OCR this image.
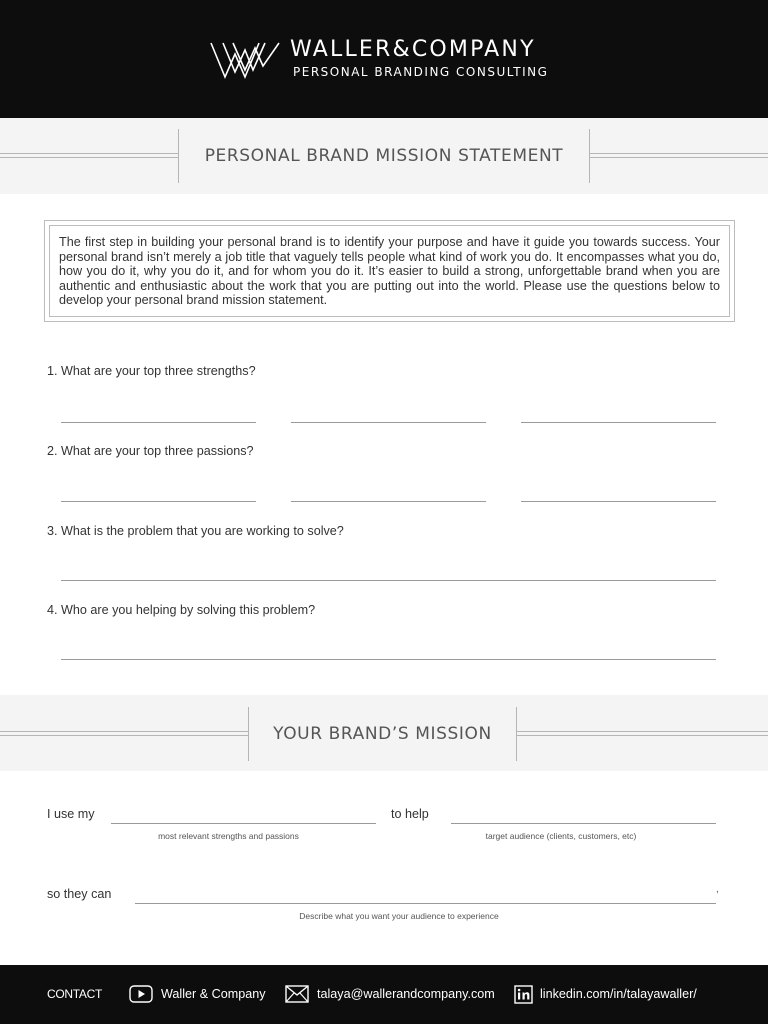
WALLER&COMPANY
PERSONAL BRANDING CONSULTING
PERSONAL BRAND MISSION STATEMENT
The first step in building your personal brand is to identify your purpose and have it guide you towards success. Your personal brand isn’t merely a job title that vaguely tells people what kind of work you do. It encompasses what you do, how you do it, why you do it, and for whom you do it. It’s easier to build a strong, unforgettable brand when you are authentic and enthusiastic about the work that you are putting out into the world. Please use the questions below to develop your personal brand mission statement.
1. What are your top three strengths?
2. What are your top three passions?
3. What is the problem that you are working to solve?
4. Who are you helping by solving this problem?
YOUR BRAND’S MISSION
I use my
most relevant strengths and passions
to help
target audience (clients, customers, etc)
so they can	,
Describe what you want your audience to experience
CONTACT	Waller & Company	talaya@wallerandcompany.com	linkedin.com/in/talayawaller/
